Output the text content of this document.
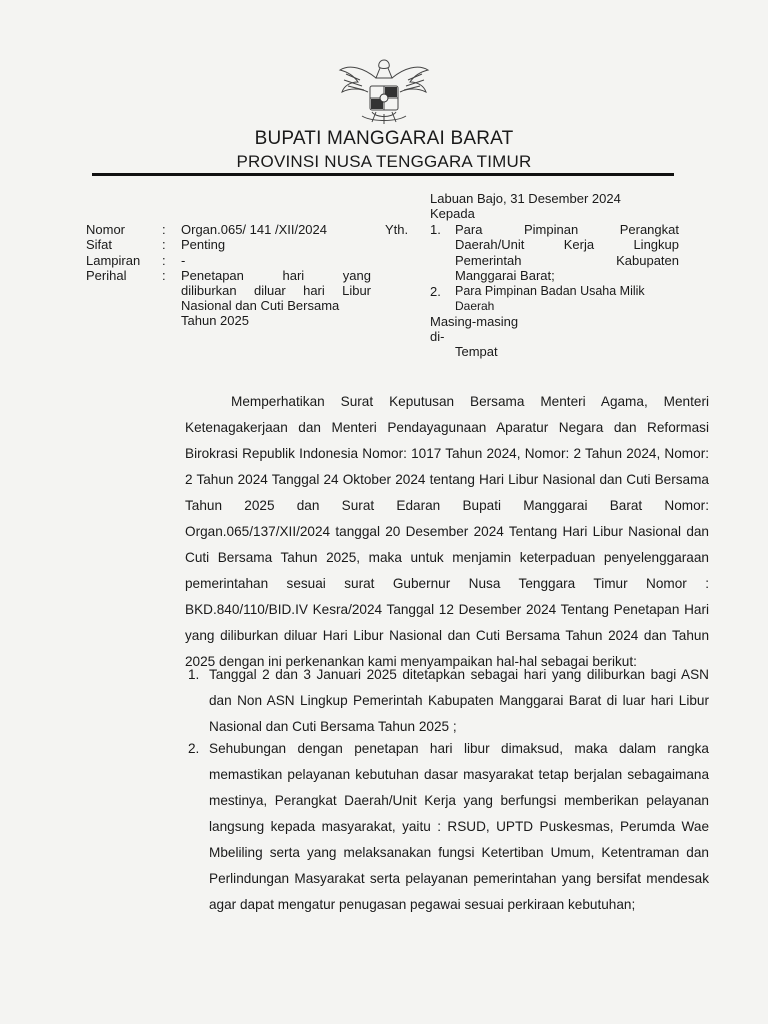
BUPATI MANGGARAI BARAT
PROVINSI NUSA TENGGARA TIMUR
Labuan Bajo, 31 Desember 2024
Kepada
Nomor	: Organ.065/ 141 /XII/2024
Sifat	: Penting
Lampiran	: -
Perihal	: Penetapan hari yang
diliburkan diluar hari Libur
Nasional dan Cuti Bersama
Tahun 2025
Yth. 1. Para Pimpinan Perangkat
Daerah/Unit Kerja Lingkup
Pemerintah Kabupaten
Manggarai Barat;
2. Para Pimpinan Badan Usaha Milik
Daerah
Masing-masing
di-
Tempat
Memperhatikan Surat Keputusan Bersama Menteri Agama, Menteri Ketenagakerjaan dan Menteri Pendayagunaan Aparatur Negara dan Reformasi Birokrasi Republik Indonesia Nomor: 1017 Tahun 2024, Nomor: 2 Tahun 2024, Nomor: 2 Tahun 2024 Tanggal 24 Oktober 2024 tentang Hari Libur Nasional dan Cuti Bersama Tahun 2025 dan Surat Edaran Bupati Manggarai Barat Nomor: Organ.065/137/XII/2024 tanggal 20 Desember 2024 Tentang Hari Libur Nasional dan Cuti Bersama Tahun 2025, maka untuk menjamin keterpaduan penyelenggaraan pemerintahan sesuai surat Gubernur Nusa Tenggara Timur Nomor : BKD.840/110/BID.IV Kesra/2024 Tanggal 12 Desember 2024 Tentang Penetapan Hari yang diliburkan diluar Hari Libur Nasional dan Cuti Bersama Tahun 2024 dan Tahun 2025 dengan ini perkenankan kami menyampaikan hal-hal sebagai berikut:
1. Tanggal 2 dan 3 Januari 2025 ditetapkan sebagai hari yang diliburkan bagi ASN dan Non ASN Lingkup Pemerintah Kabupaten Manggarai Barat di luar hari Libur Nasional dan Cuti Bersama Tahun 2025 ;
2. Sehubungan dengan penetapan hari libur dimaksud, maka dalam rangka memastikan pelayanan kebutuhan dasar masyarakat tetap berjalan sebagaimana mestinya, Perangkat Daerah/Unit Kerja yang berfungsi memberikan pelayanan langsung kepada masyarakat, yaitu : RSUD, UPTD Puskesmas, Perumda Wae Mbeliling serta yang melaksanakan fungsi Ketertiban Umum, Ketentraman dan Perlindungan Masyarakat serta pelayanan pemerintahan yang bersifat mendesak agar dapat mengatur penugasan pegawai sesuai perkiraan kebutuhan;
